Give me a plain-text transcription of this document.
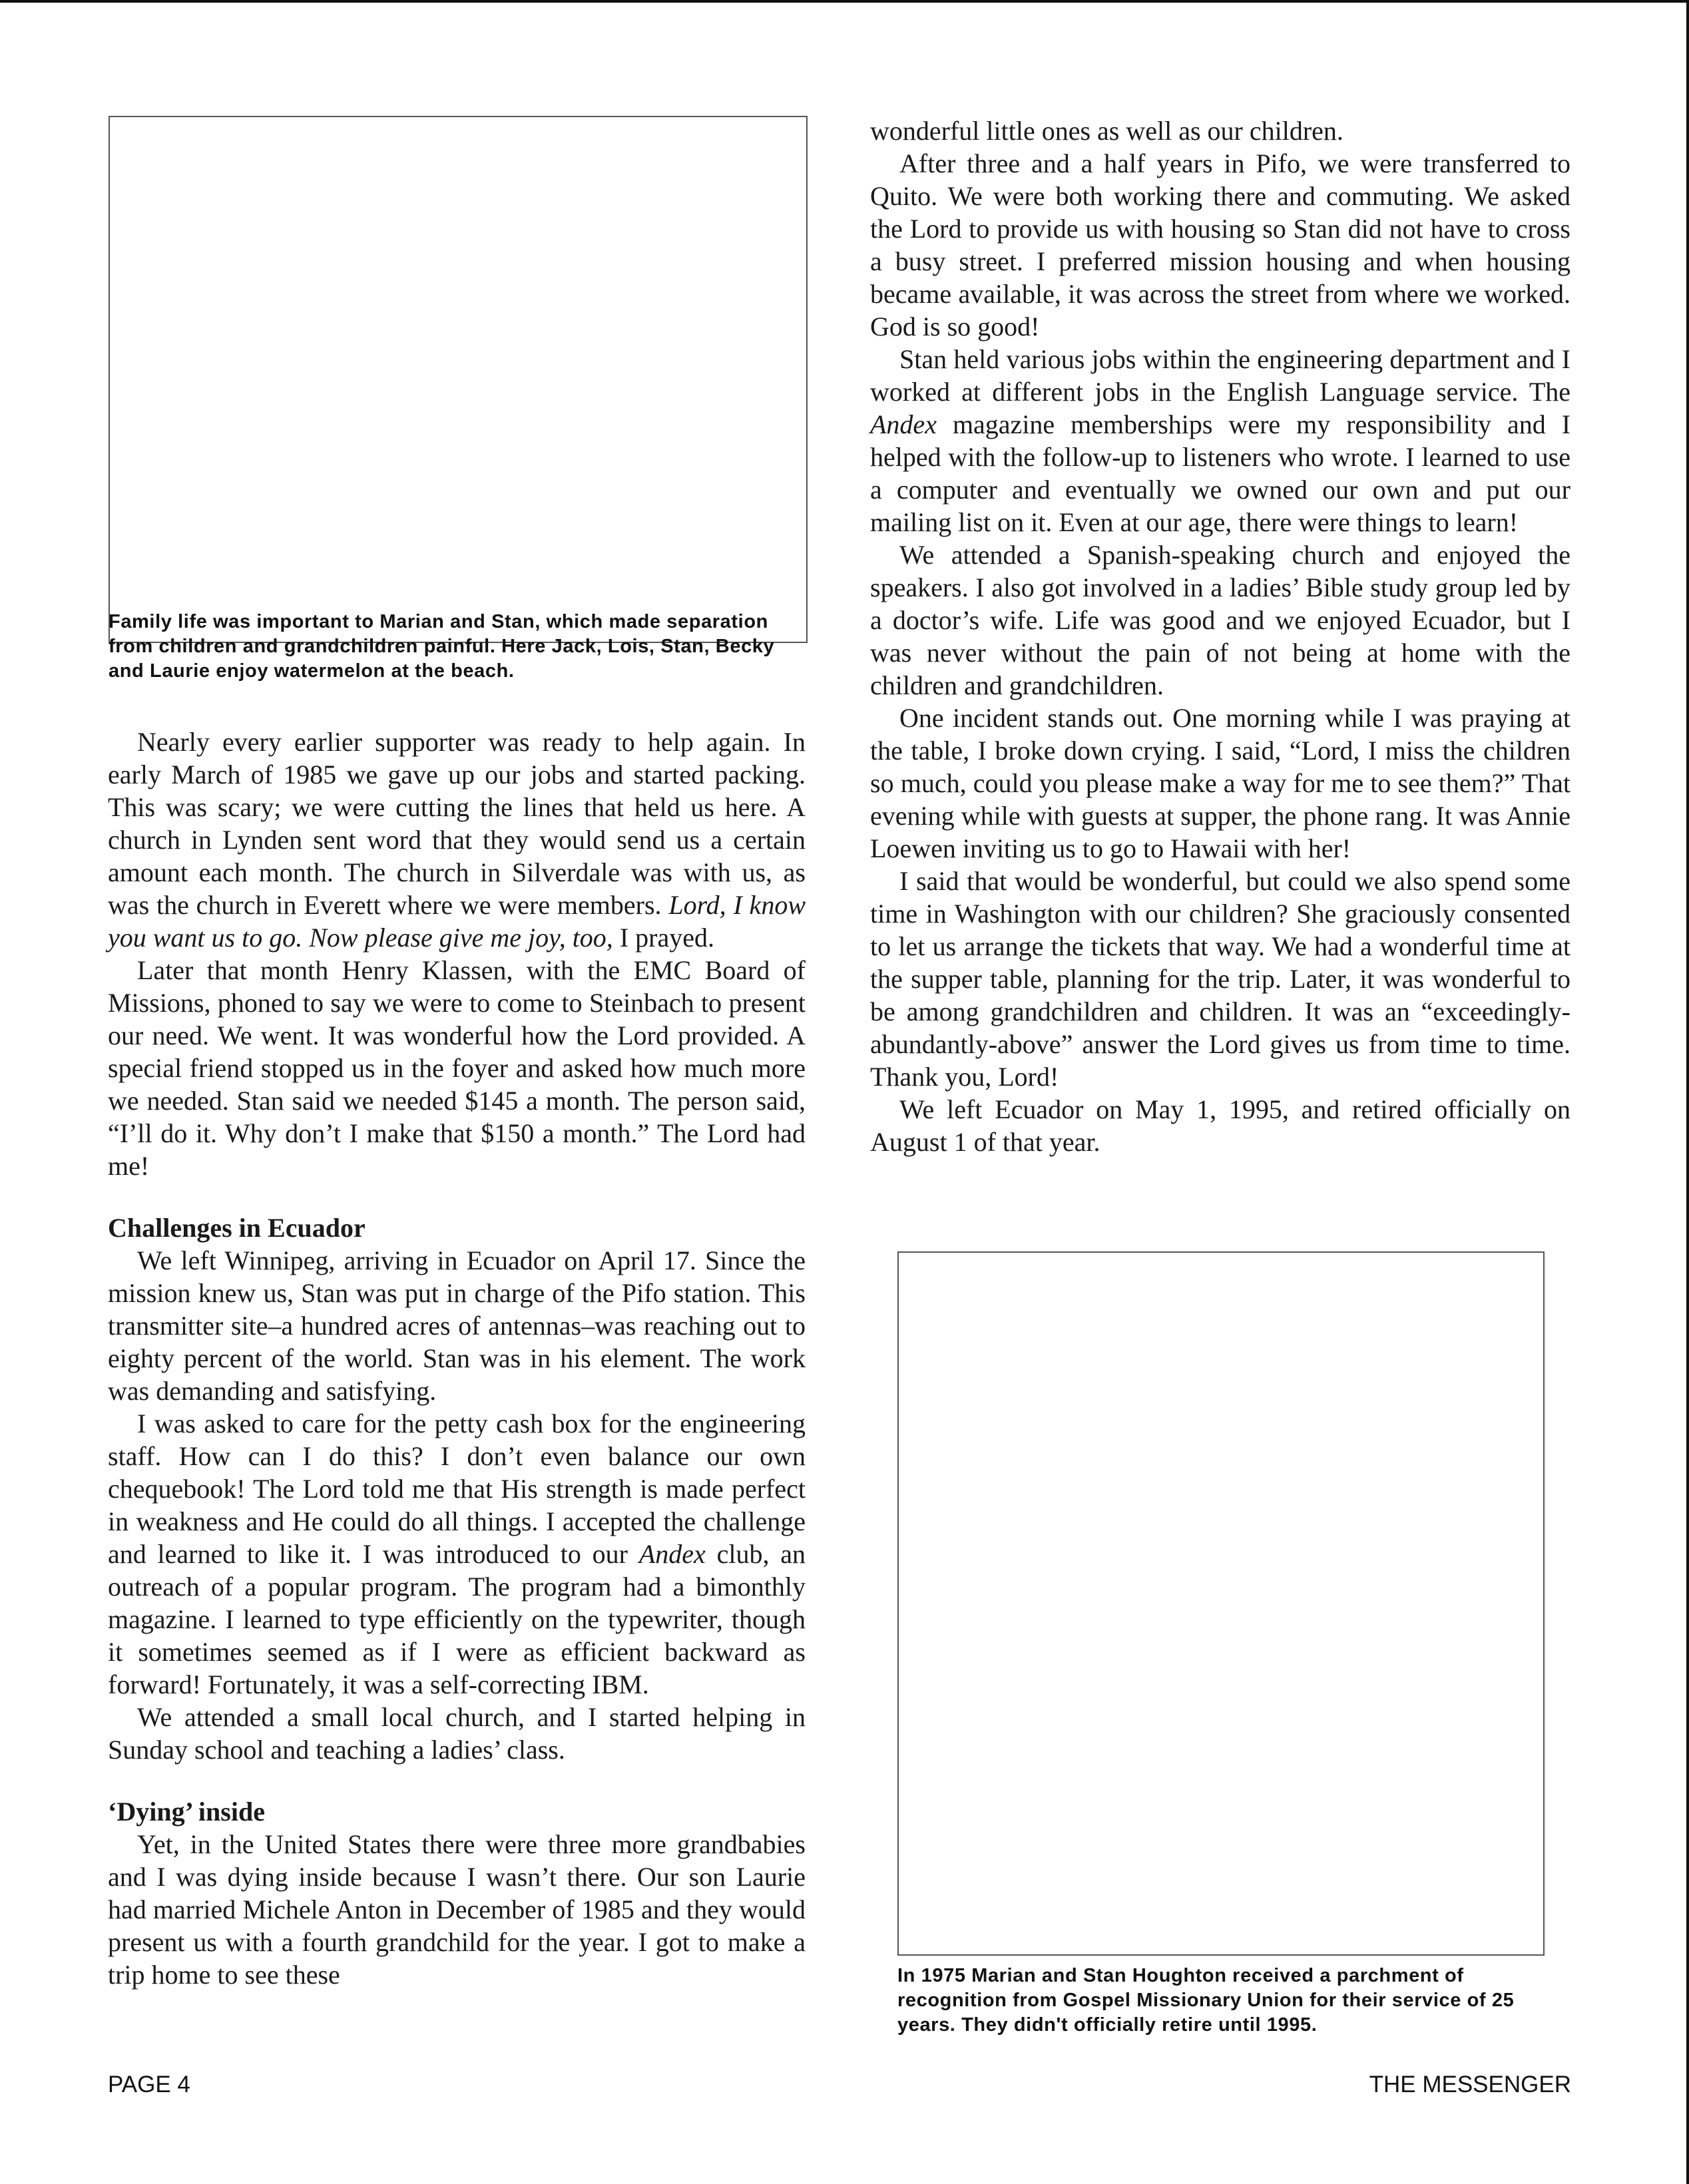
Family life was important to Marian and Stan, which made separation from children and grandchildren painful. Here Jack, Lois, Stan, Becky and Laurie enjoy watermelon at the beach.

Nearly every earlier supporter was ready to help again. In early March of 1985 we gave up our jobs and started packing. This was scary; we were cutting the lines that held us here. A church in Lynden sent word that they would send us a certain amount each month. The church in Silverdale was with us, as was the church in Everett where we were members. Lord, I know you want us to go. Now please give me joy, too, I prayed.

Later that month Henry Klassen, with the EMC Board of Missions, phoned to say we were to come to Steinbach to present our need. We went. It was wonderful how the Lord provided. A special friend stopped us in the foyer and asked how much more we needed. Stan said we needed $145 a month. The person said, “I’ll do it. Why don’t I make that $150 a month.” The Lord had me!

Challenges in Ecuador

We left Winnipeg, arriving in Ecuador on April 17. Since the mission knew us, Stan was put in charge of the Pifo station. This transmitter site–a hundred acres of antennas–was reaching out to eighty percent of the world. Stan was in his element. The work was demanding and satisfying.

I was asked to care for the petty cash box for the engineering staff. How can I do this? I don’t even balance our own chequebook! The Lord told me that His strength is made perfect in weakness and He could do all things. I accepted the challenge and learned to like it. I was introduced to our Andex club, an outreach of a popular program. The program had a bimonthly magazine. I learned to type efficiently on the typewriter, though it sometimes seemed as if I were as efficient backward as forward! Fortunately, it was a self-correcting IBM.

We attended a small local church, and I started helping in Sunday school and teaching a ladies’ class.

‘Dying’ inside

Yet, in the United States there were three more grandbabies and I was dying inside because I wasn’t there. Our son Laurie had married Michele Anton in December of 1985 and they would present us with a fourth grandchild for the year. I got to make a trip home to see these

wonderful little ones as well as our children.

After three and a half years in Pifo, we were transferred to Quito. We were both working there and commuting. We asked the Lord to provide us with housing so Stan did not have to cross a busy street. I preferred mission housing and when housing became available, it was across the street from where we worked. God is so good!

Stan held various jobs within the engineering department and I worked at different jobs in the English Language service. The Andex magazine memberships were my responsibility and I helped with the follow-up to listeners who wrote. I learned to use a computer and eventually we owned our own and put our mailing list on it. Even at our age, there were things to learn!

We attended a Spanish-speaking church and enjoyed the speakers. I also got involved in a ladies’ Bible study group led by a doctor’s wife. Life was good and we enjoyed Ecuador, but I was never without the pain of not being at home with the children and grandchildren.

One incident stands out. One morning while I was praying at the table, I broke down crying. I said, “Lord, I miss the children so much, could you please make a way for me to see them?” That evening while with guests at supper, the phone rang. It was Annie Loewen inviting us to go to Hawaii with her!

I said that would be wonderful, but could we also spend some time in Washington with our children? She graciously consented to let us arrange the tickets that way. We had a wonderful time at the supper table, planning for the trip. Later, it was wonderful to be among grandchildren and children. It was an “exceedingly-abundantly-above” answer the Lord gives us from time to time. Thank you, Lord!

We left Ecuador on May 1, 1995, and retired officially on August 1 of that year.

In 1975 Marian and Stan Houghton received a parchment of recognition from Gospel Missionary Union for their service of 25 years. They didn't officially retire until 1995.
PAGE 4	THE MESSENGER
